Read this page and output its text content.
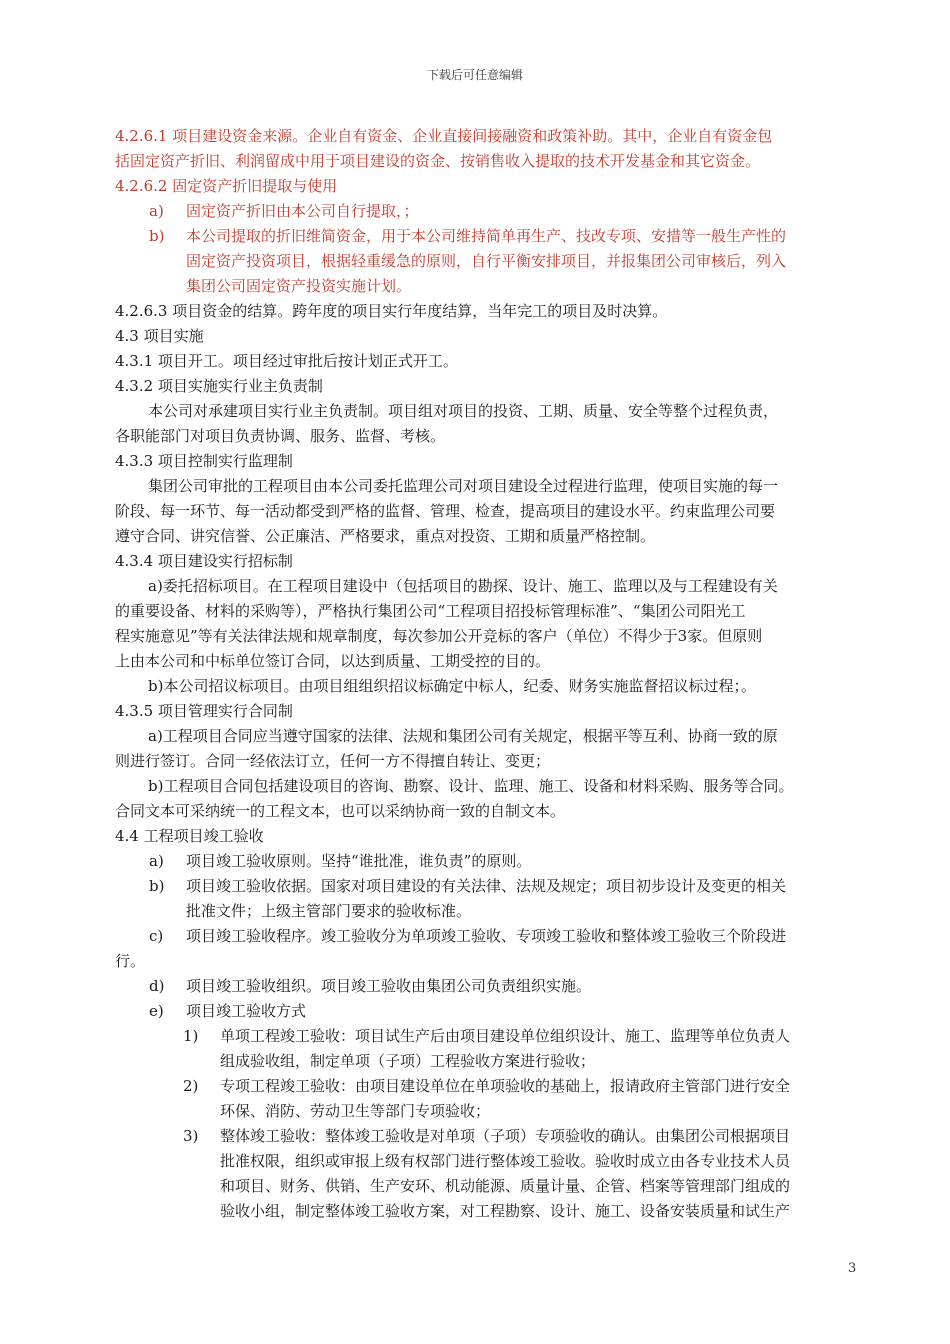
下载后可任意编辑
4.2.6.1 项目建设资金来源。企业自有资金、企业直接间接融资和政策补助。其中，企业自有资金包
括固定资产折旧、利润留成中用于项目建设的资金、按销售收入提取的技术开发基金和其它资金。
4.2.6.2 固定资产折旧提取与使用
a) 固定资产折旧由本公司自行提取，；
b) 本公司提取的折旧维简资金，用于本公司维持简单再生产、技改专项、安措等一般生产性的
固定资产投资项目，根据轻重缓急的原则，自行平衡安排项目，并报集团公司审核后，列入
集团公司固定资产投资实施计划。
4.2.6.3 项目资金的结算。跨年度的项目实行年度结算，当年完工的项目及时决算。
4.3 项目实施
4.3.1 项目开工。项目经过审批后按计划正式开工。
4.3.2 项目实施实行业主负责制
本公司对承建项目实行业主负责制。项目组对项目的投资、工期、质量、安全等整个过程负责，
各职能部门对项目负责协调、服务、监督、考核。
4.3.3 项目控制实行监理制
集团公司审批的工程项目由本公司委托监理公司对项目建设全过程进行监理，使项目实施的每一
阶段、每一环节、每一活动都受到严格的监督、管理、检查，提高项目的建设水平。约束监理公司要
遵守合同、讲究信誉、公正廉洁、严格要求，重点对投资、工期和质量严格控制。
4.3.4 项目建设实行招标制
a)委托招标项目。在工程项目建设中（包括项目的勘探、设计、施工、监理以及与工程建设有关
的重要设备、材料的采购等），严格执行集团公司“工程项目招投标管理标准”、“集团公司阳光工
程实施意见”等有关法律法规和规章制度，每次参加公开竞标的客户（单位）不得少于3家。但原则
上由本公司和中标单位签订合同，以达到质量、工期受控的目的。
b)本公司招议标项目。由项目组组织招议标确定中标人，纪委、财务实施监督招议标过程；。
4.3.5 项目管理实行合同制
a)工程项目合同应当遵守国家的法律、法规和集团公司有关规定，根据平等互利、协商一致的原
则进行签订。合同一经依法订立，任何一方不得擅自转让、变更；
b)工程项目合同包括建设项目的咨询、勘察、设计、监理、施工、设备和材料采购、服务等合同。
合同文本可采纳统一的工程文本，也可以采纳协商一致的自制文本。
4.4 工程项目竣工验收
a) 项目竣工验收原则。坚持“谁批准，谁负责”的原则。
b) 项目竣工验收依据。国家对项目建设的有关法律、法规及规定；项目初步设计及变更的相关
批准文件；上级主管部门要求的验收标准。
c) 项目竣工验收程序。竣工验收分为单项竣工验收、专项竣工验收和整体竣工验收三个阶段进
行。
d) 项目竣工验收组织。项目竣工验收由集团公司负责组织实施。
e) 项目竣工验收方式
1) 单项工程竣工验收：项目试生产后由项目建设单位组织设计、施工、监理等单位负责人
组成验收组，制定单项（子项）工程验收方案进行验收；
2) 专项工程竣工验收：由项目建设单位在单项验收的基础上，报请政府主管部门进行安全
环保、消防、劳动卫生等部门专项验收；
3) 整体竣工验收：整体竣工验收是对单项（子项）专项验收的确认。由集团公司根据项目
批准权限，组织或审报上级有权部门进行整体竣工验收。验收时成立由各专业技术人员
和项目、财务、供销、生产安环、机动能源、质量计量、企管、档案等管理部门组成的
验收小组，制定整体竣工验收方案，对工程勘察、设计、施工、设备安装质量和试生产
3
